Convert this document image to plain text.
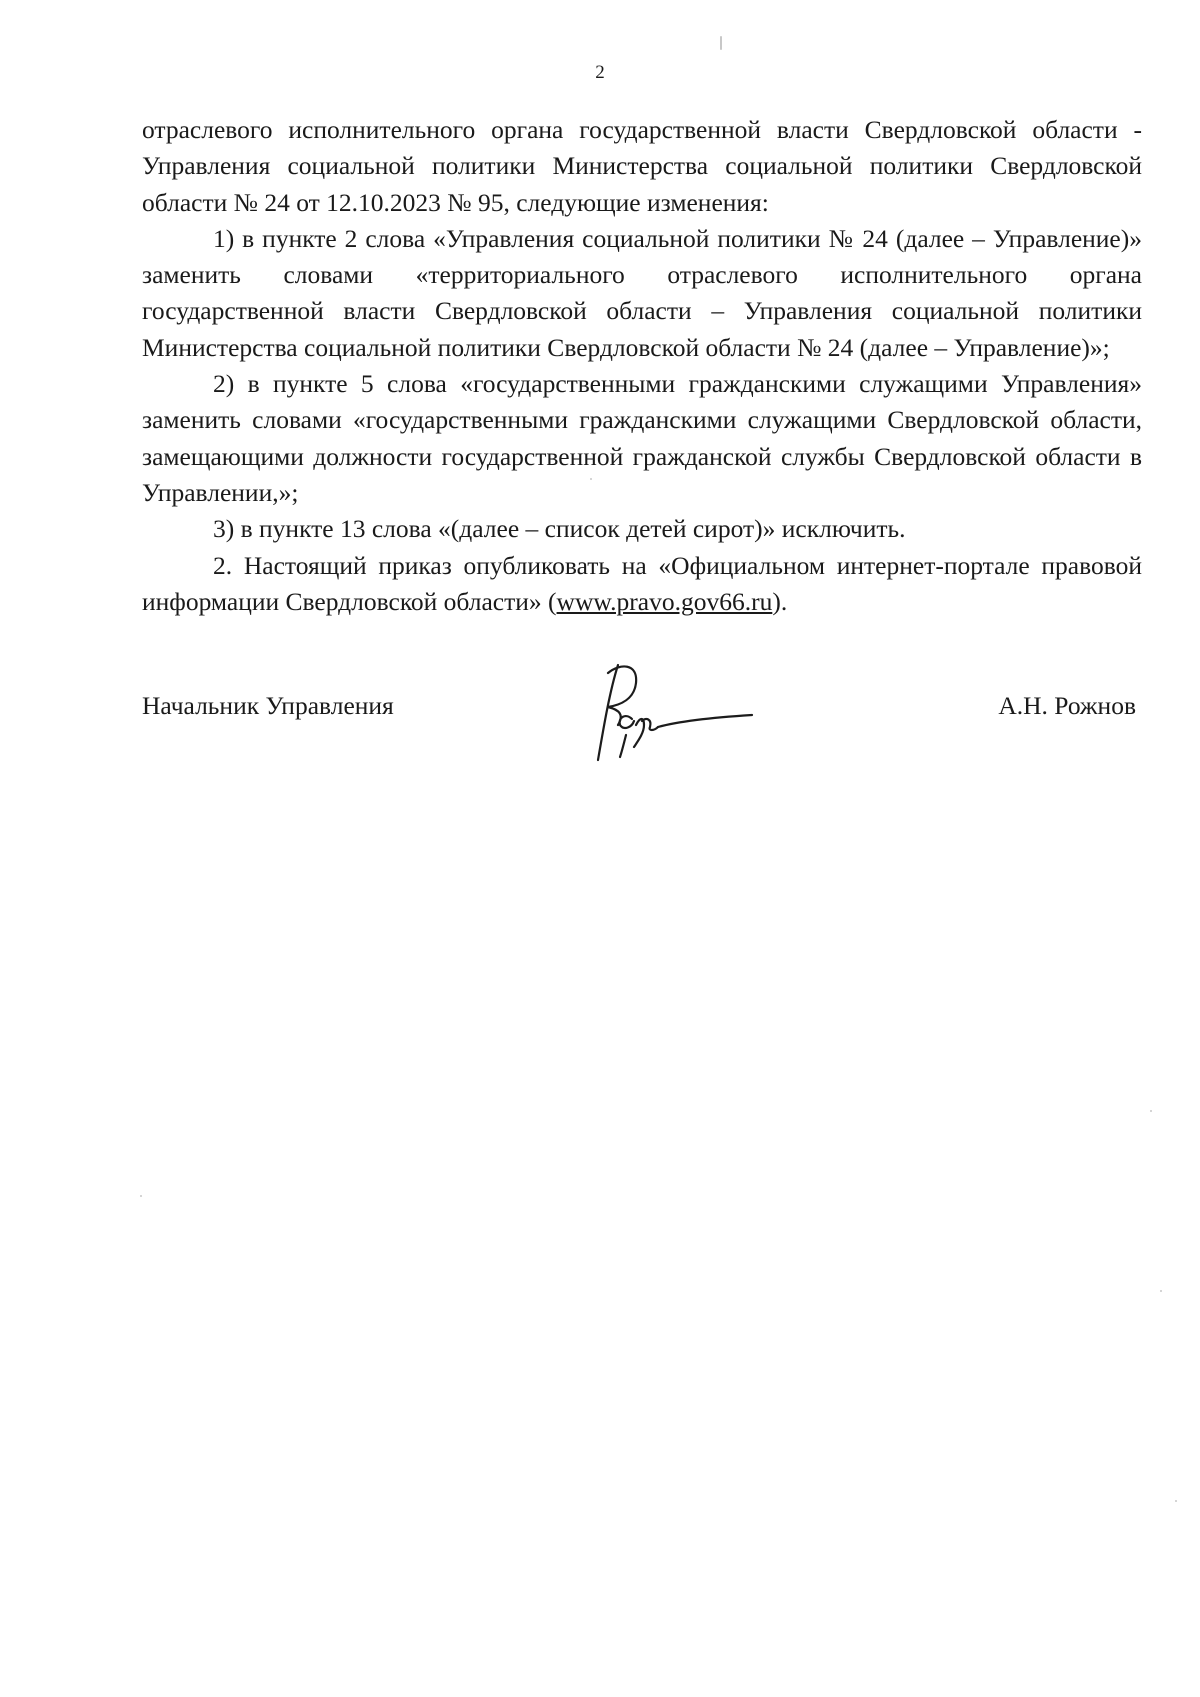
2

отраслевого исполнительного органа государственной власти Свердловской области - Управления социальной политики Министерства социальной политики Свердловской области № 24 от 12.10.2023 № 95, следующие изменения:

1) в пункте 2 слова «Управления социальной политики № 24 (далее – Управление)» заменить словами «территориального отраслевого исполнительного органа государственной власти Свердловской области – Управления социальной политики Министерства социальной политики Свердловской области № 24 (далее – Управление)»;

2) в пункте 5 слова «государственными гражданскими служащими Управления» заменить словами «государственными гражданскими служащими Свердловской области, замещающими должности государственной гражданской службы Свердловской области в Управлении,»;

3) в пункте 13 слова «(далее – список детей сирот)» исключить.

2. Настоящий приказ опубликовать на «Официальном интернет-портале правовой информации Свердловской области» (www.pravo.gov66.ru).

Начальник Управления	А.Н. Рожнов
